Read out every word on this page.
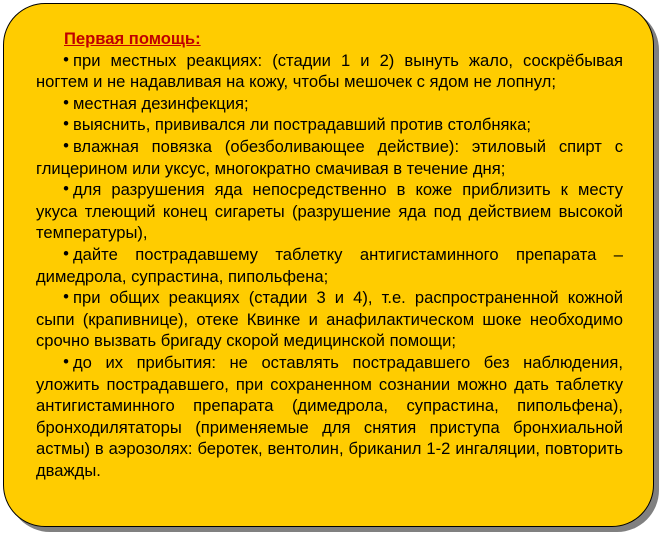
Первая помощь:
• при местных реакциях: (стадии 1 и 2) вынуть жало, соскрёбывая ногтем и не надавливая на кожу, чтобы мешочек с ядом не лопнул;
• местная дезинфекция;
• выяснить, прививался ли пострадавший против столбняка;
• влажная повязка (обезболивающее действие): этиловый спирт с глицерином или уксус, многократно смачивая в течение дня;
• для разрушения яда непосредственно в коже приблизить к месту укуса тлеющий конец сигареты (разрушение яда под действием высокой температуры),
• дайте пострадавшему таблетку антигистаминного препарата – димедрола, супрастина, пипольфена;
• при общих реакциях (стадии 3 и 4), т.е. распространенной кожной сыпи (крапивнице), отеке Квинке и анафилактическом шоке необходимо срочно вызвать бригаду скорой медицинской помощи;
• до их прибытия: не оставлять пострадавшего без наблюдения, уложить пострадавшего, при сохраненном сознании можно дать таблетку антигистаминного препарата (димедрола, супрастина, пипольфена), бронходилятаторы (применяемые для снятия приступа бронхиальной астмы) в аэрозолях: беротек, вентолин, бриканил 1-2 ингаляции, повторить дважды.
